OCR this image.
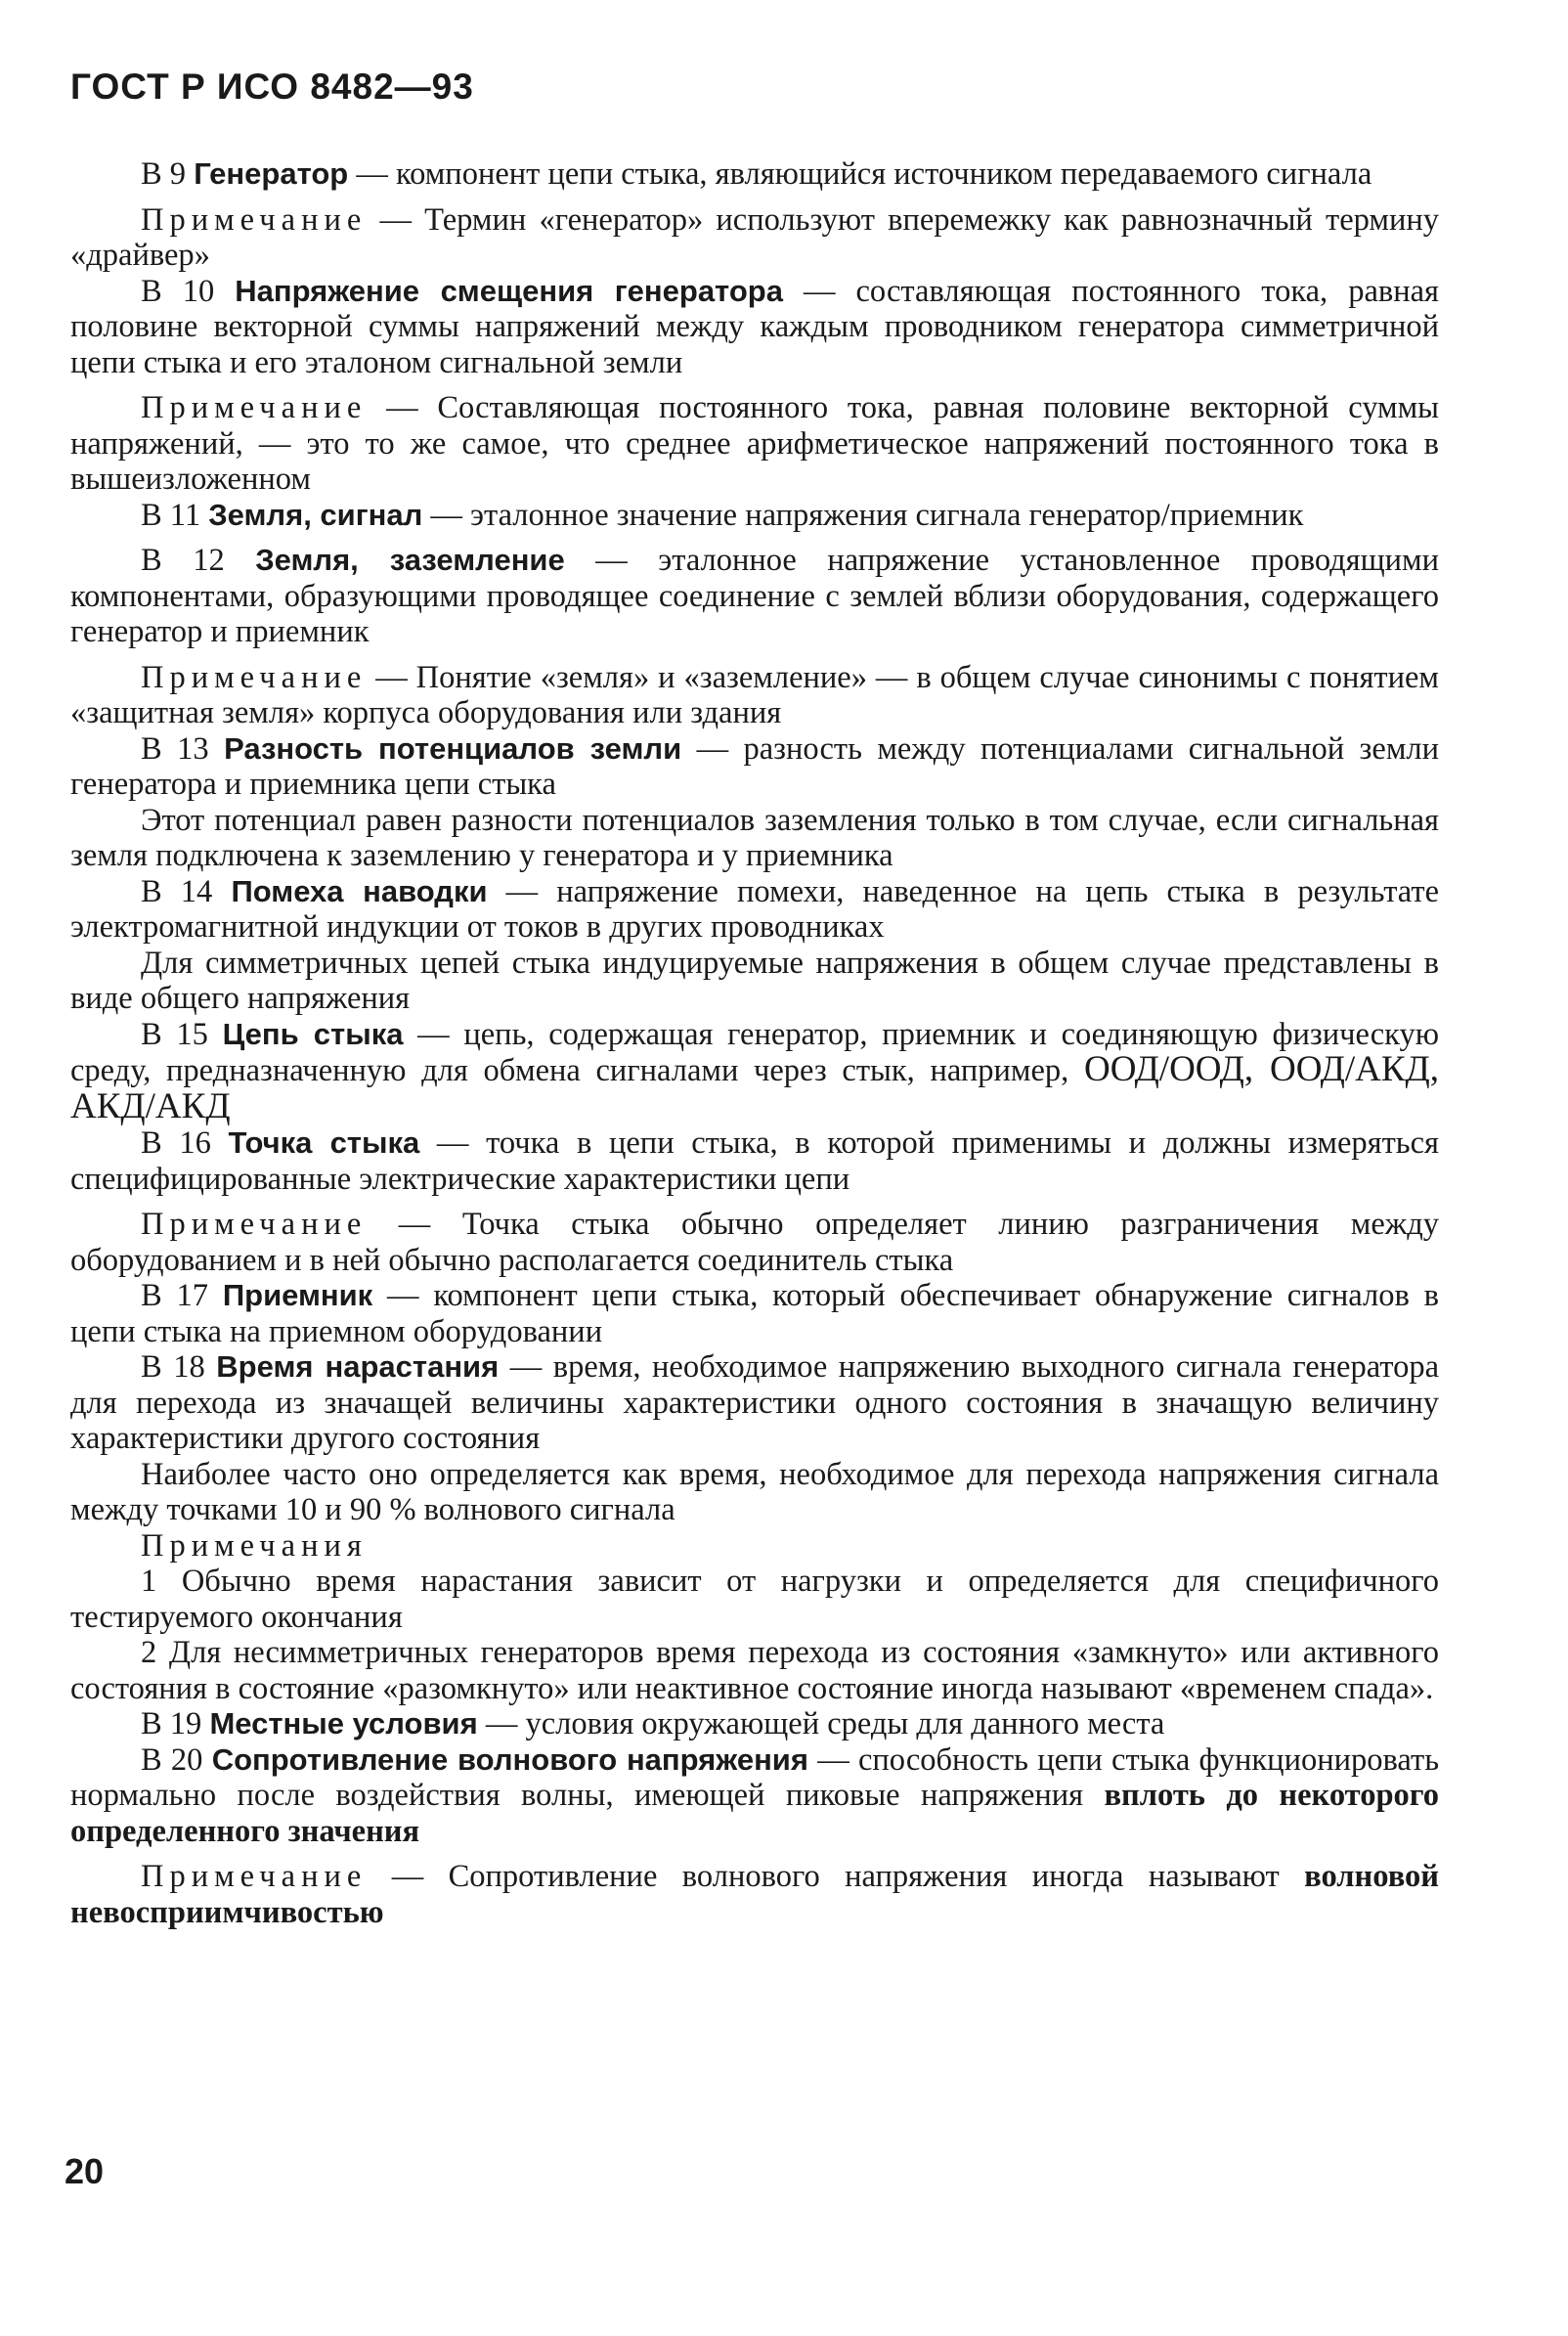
ГОСТ Р ИСО 8482—93

В 9 Генератор — компонент цепи стыка, являющийся источником передаваемого сигнала

Примечание — Термин «генератор» используют вперемежку как равнозначный термину «драйвер»

В 10 Напряжение смещения генератора — составляющая постоянного тока, равная половине векторной суммы напряжений между каждым проводником генератора симметричной цепи стыка и его эталоном сигнальной земли

Примечание — Составляющая постоянного тока, равная половине векторной суммы напряжений, — это то же самое, что среднее арифметическое напряжений постоянного тока в вышеизложенном

В 11 Земля, сигнал — эталонное значение напряжения сигнала генератор/приемник

В 12 Земля, заземление — эталонное напряжение установленное проводящими компонентами, образующими проводящее соединение с землей вблизи оборудования, содержащего генератор и приемник

Примечание — Понятие «земля» и «заземление» — в общем случае синонимы с понятием «защитная земля» корпуса оборудования или здания

В 13 Разность потенциалов земли — разность между потенциалами сигнальной земли генератора и приемника цепи стыка

Этот потенциал равен разности потенциалов заземления только в том случае, если сигнальная земля подключена к заземлению у генератора и у приемника

В 14 Помеха наводки — напряжение помехи, наведенное на цепь стыка в результате электромагнитной индукции от токов в других проводниках

Для симметричных цепей стыка индуцируемые напряжения в общем случае представлены в виде общего напряжения

В 15 Цепь стыка — цепь, содержащая генератор, приемник и соединяющую физическую среду, предназначенную для обмена сигналами через стык, например, ООД/ООД, ООД/АКД, АКД/АКД

В 16 Точка стыка — точка в цепи стыка, в которой применимы и должны измеряться специфицированные электрические характеристики цепи

Примечание — Точка стыка обычно определяет линию разграничения между оборудованием и в ней обычно располагается соединитель стыка

В 17 Приемник — компонент цепи стыка, который обеспечивает обнаружение сигналов в цепи стыка на приемном оборудовании

В 18 Время нарастания — время, необходимое напряжению выходного сигнала генератора для перехода из значащей величины характеристики одного состояния в значащую величину характеристики другого состояния

Наиболее часто оно определяется как время, необходимое для перехода напряжения сигнала между точками 10 и 90 % волнового сигнала

Примечания

1 Обычно время нарастания зависит от нагрузки и определяется для специфичного тестируемого окончания

2 Для несимметричных генераторов время перехода из состояния «замкнуто» или активного состояния в состояние «разомкнуто» или неактивное состояние иногда называют «временем спада».

В 19 Местные условия — условия окружающей среды для данного места

В 20 Сопротивление волнового напряжения — способность цепи стыка функционировать нормально после воздействия волны, имеющей пиковые напряжения вплоть до некоторого определенного значения

Примечание — Сопротивление волнового напряжения иногда называют волновой невосприимчивостью

20
